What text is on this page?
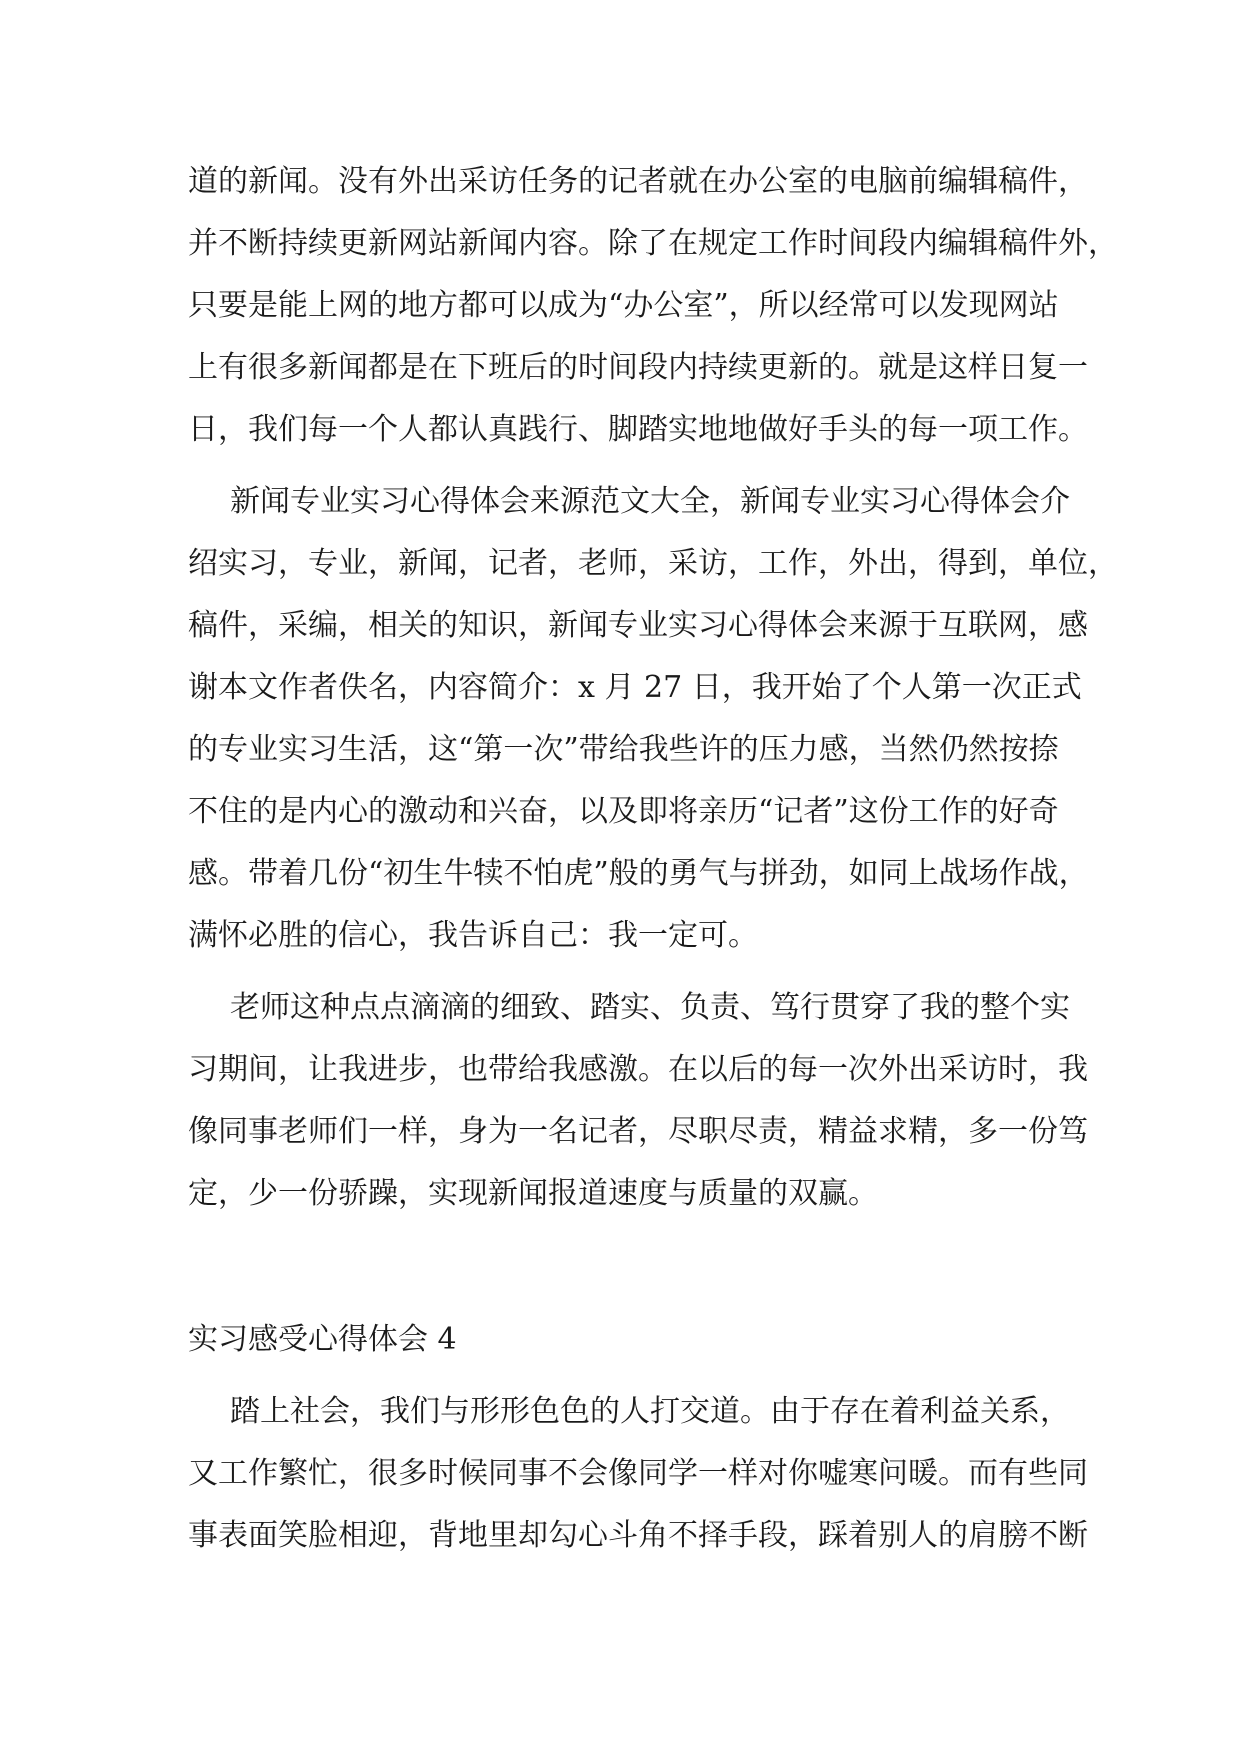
道的新闻。没有外出采访任务的记者就在办公室的电脑前编辑稿件，
并不断持续更新网站新闻内容。除了在规定工作时间段内编辑稿件外，
只要是能上网的地方都可以成为“办公室”，所以经常可以发现网站
上有很多新闻都是在下班后的时间段内持续更新的。就是这样日复一
日，我们每一个人都认真践行、脚踏实地地做好手头的每一项工作。
新闻专业实习心得体会来源范文大全，新闻专业实习心得体会介
绍实习，专业，新闻，记者，老师，采访，工作，外出，得到，单位，
稿件，采编，相关的知识，新闻专业实习心得体会来源于互联网，感
谢本文作者佚名，内容简介：x 月 27 日，我开始了个人第一次正式
的专业实习生活，这“第一次”带给我些许的压力感，当然仍然按捺
不住的是内心的激动和兴奋，以及即将亲历“记者”这份工作的好奇
感。带着几份“初生牛犊不怕虎”般的勇气与拼劲，如同上战场作战，
满怀必胜的信心，我告诉自己：我一定可。
老师这种点点滴滴的细致、踏实、负责、笃行贯穿了我的整个实
习期间，让我进步，也带给我感激。在以后的每一次外出采访时，我
像同事老师们一样，身为一名记者，尽职尽责，精益求精，多一份笃
定，少一份骄躁，实现新闻报道速度与质量的双赢。
实习感受心得体会 4
踏上社会，我们与形形色色的人打交道。由于存在着利益关系，
又工作繁忙，很多时候同事不会像同学一样对你嘘寒问暖。而有些同
事表面笑脸相迎，背地里却勾心斗角不择手段，踩着别人的肩膀不断
